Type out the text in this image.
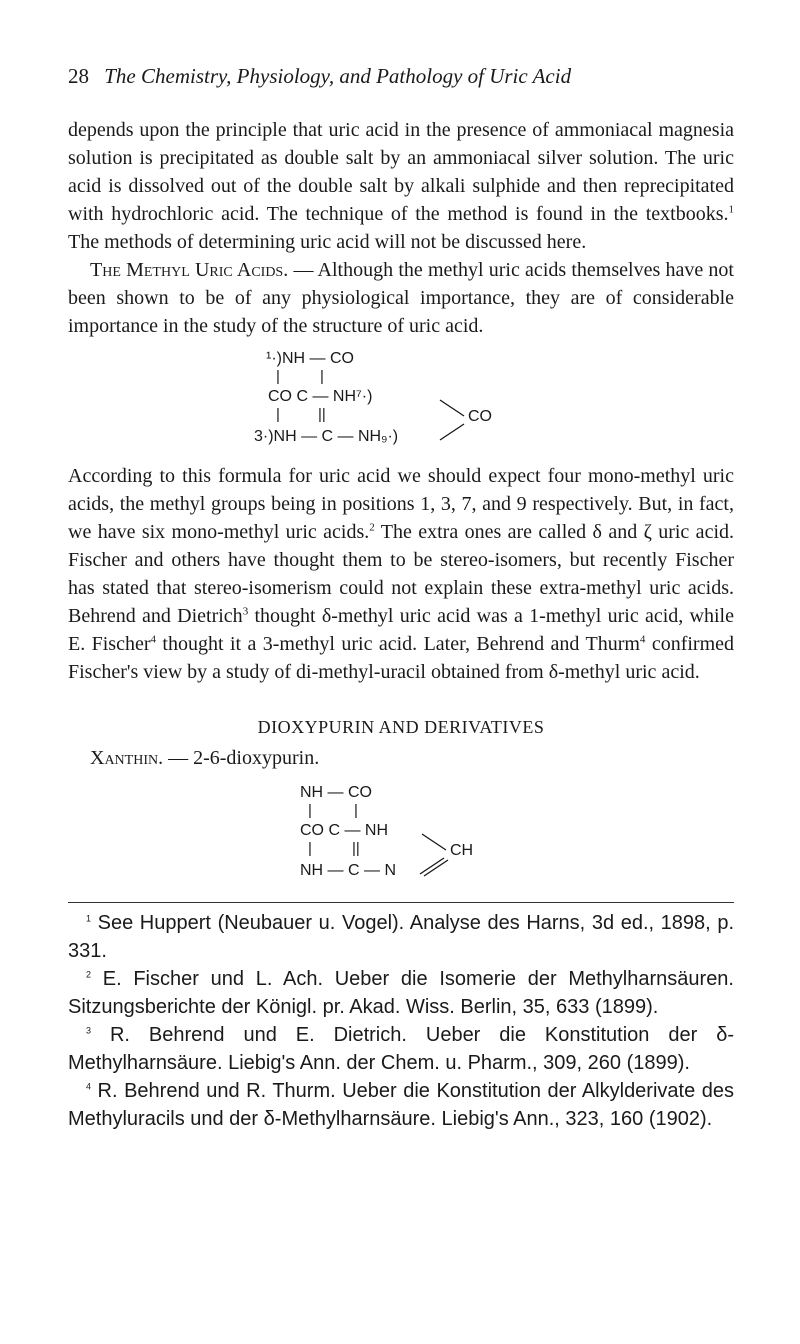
28 The Chemistry, Physiology, and Pathology of Uric Acid

depends upon the principle that uric acid in the presence of ammoniacal magnesia solution is precipitated as double salt by an ammoniacal silver solution. The uric acid is dissolved out of the double salt by alkali sulphide and then reprecipitated with hydrochloric acid. The technique of the method is found in the textbooks.$^1$ The methods of determining uric acid will not be discussed here.

The Methyl Uric Acids. — Although the methyl uric acids themselves have not been shown to be of any physiological importance, they are of considerable importance in the study of the structure of uric acid.

¹·)NH — CO
|	|
CO C — NH⁷·)
|	||	CO
3·)NH — C — NH₉·)

According to this formula for uric acid we should expect four mono-methyl uric acids, the methyl groups being in positions 1, 3, 7, and 9 respectively. But, in fact, we have six mono-methyl uric acids.$^2$ The extra ones are called δ and ζ uric acid. Fischer and others have thought them to be stereo-isomers, but recently Fischer has stated that stereo-isomerism could not explain these extra-methyl uric acids. Behrend and Dietrich$^3$ thought δ-methyl uric acid was a 1-methyl uric acid, while E. Fischer$^4$ thought it a 3-methyl uric acid. Later, Behrend and Thurm$^4$ confirmed Fischer's view by a study of di-methyl-uracil obtained from δ-methyl uric acid.

DIOXYPURIN AND DERIVATIVES

Xanthin. — 2-6-dioxypurin.

NH — CO
|	|
CO C — NH
|	||	CH
NH — C — N

$^1$ See Huppert (Neubauer u. Vogel). Analyse des Harns, 3d ed., 1898, p. 331.

$^2$ E. Fischer und L. Ach. Ueber die Isomerie der Methylharnsäuren. Sitzungsberichte der Königl. pr. Akad. Wiss. Berlin, 35, 633 (1899).

$^3$ R. Behrend und E. Dietrich. Ueber die Konstitution der δ-Methylharnsäure. Liebig's Ann. der Chem. u. Pharm., 309, 260 (1899).

$^4$ R. Behrend und R. Thurm. Ueber die Konstitution der Alkylderivate des Methyluracils und der δ-Methylharnsäure. Liebig's Ann., 323, 160 (1902).
